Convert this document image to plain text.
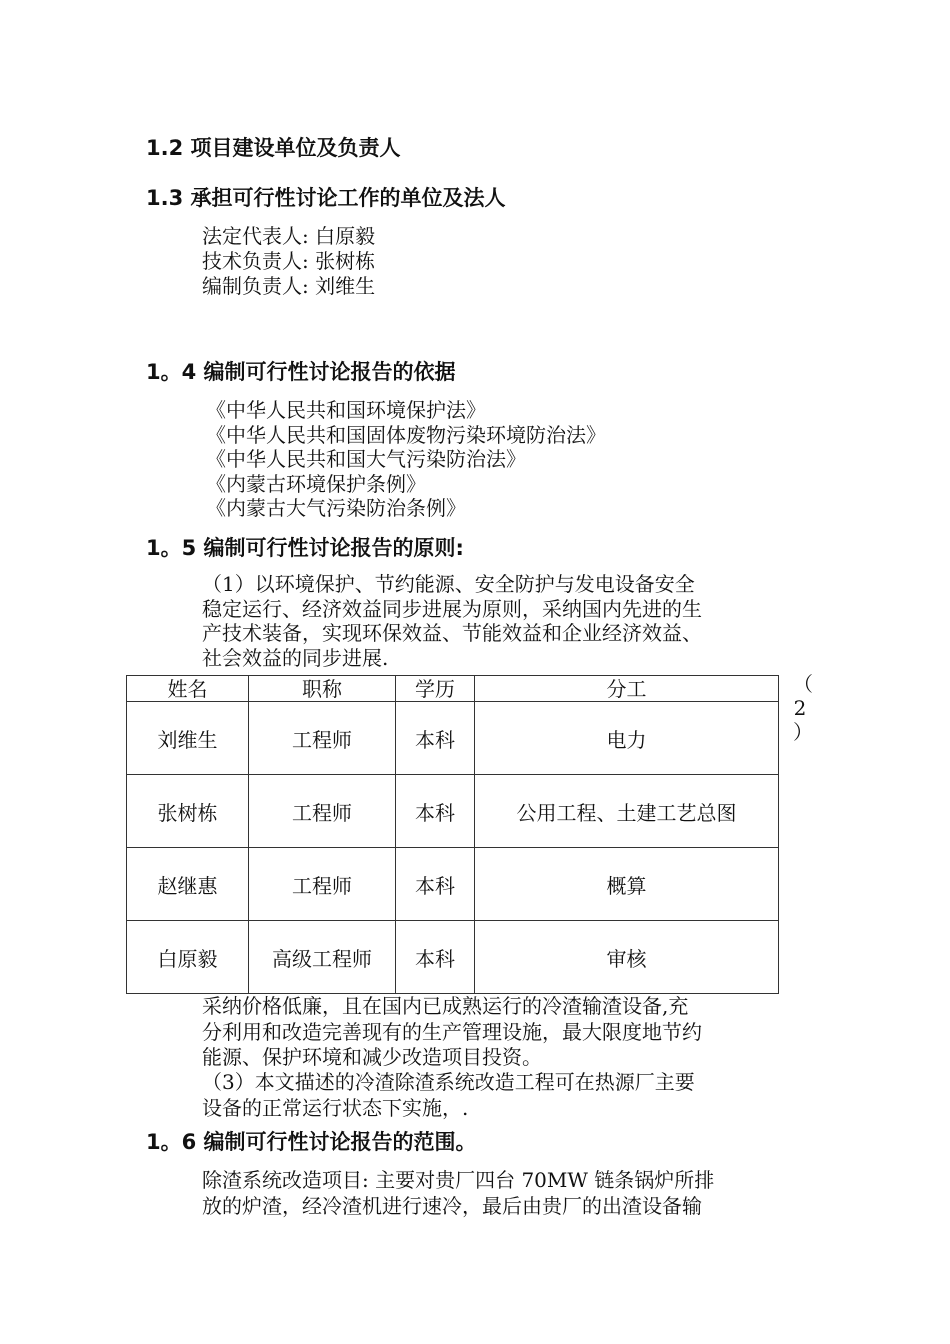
1.2 项目建设单位及负责人
1.3 承担可行性讨论工作的单位及法人
法定代表人: 白原毅
技术负责人: 张树栋
编制负责人: 刘维生
1。4 编制可行性讨论报告的依据
《中华人民共和国环境保护法》
《中华人民共和国固体废物污染环境防治法》
《中华人民共和国大气污染防治法》
《内蒙古环境保护条例》
《内蒙古大气污染防治条例》
1。5 编制可行性讨论报告的原则:
（1）以环境保护、节约能源、安全防护与发电设备安全
稳定运行、经济效益同步进展为原则，采纳国内先进的生
产技术装备，实现环保效益、节能效益和企业经济效益、
社会效益的同步进展.
姓名	职称	学历	分工
刘维生	工程师	本科	电力
张树栋	工程师	本科	公用工程、土建工艺总图
赵继惠	工程师	本科	概算
白原毅	高级工程师	本科	审核
（
2
）
采纳价格低廉，且在国内已成熟运行的冷渣输渣设备,充
分利用和改造完善现有的生产管理设施，最大限度地节约
能源、保护环境和减少改造项目投资。
（3）本文描述的冷渣除渣系统改造工程可在热源厂主要
设备的正常运行状态下实施，.
1。6 编制可行性讨论报告的范围。
除渣系统改造项目: 主要对贵厂四台 70MW 链条锅炉所排
放的炉渣，经冷渣机进行速冷，最后由贵厂的出渣设备输
